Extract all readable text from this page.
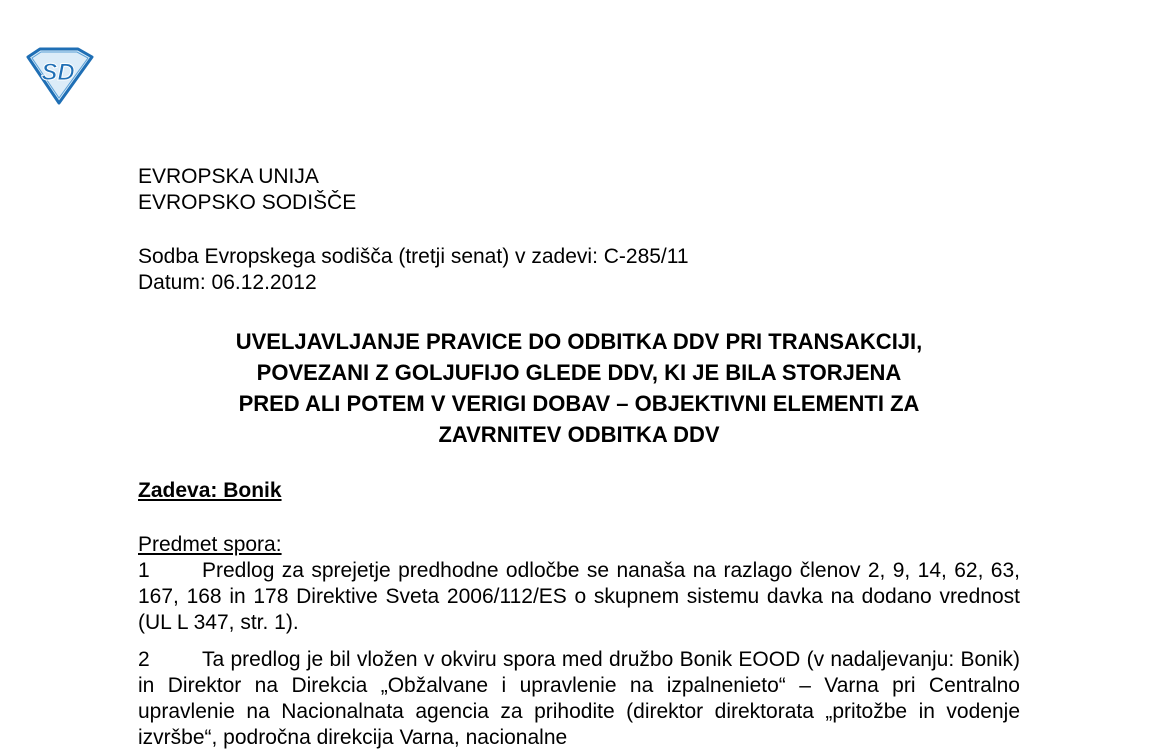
SD
EVROPSKA UNIJA
EVROPSKO SODIŠČE
Sodba Evropskega sodišča (tretji senat) v zadevi: C-285/11
Datum: 06.12.2012
UVELJAVLJANJE PRAVICE DO ODBITKA DDV PRI TRANSAKCIJI,
POVEZANI Z GOLJUFIJO GLEDE DDV, KI JE BILA STORJENA
PRED ALI POTEM V VERIGI DOBAV – OBJEKTIVNI ELEMENTI ZA
ZAVRNITEV ODBITKA DDV
Zadeva: Bonik
Predmet spora:
1 Predlog za sprejetje predhodne odločbe se nanaša na razlago členov 2, 9, 14, 62, 63, 167, 168 in 178 Direktive Sveta 2006/112/ES o skupnem sistemu davka na dodano vrednost (UL L 347, str. 1).
2 Ta predlog je bil vložen v okviru spora med družbo Bonik EOOD (v nadaljevanju: Bonik) in Direktor na Direkcia „Obžalvane i upravlenie na izpalnenieto“ – Varna pri Centralno upravlenie na Nacionalnata agencia za prihodite (direktor direktorata „pritožbe in vodenje izvršbe“, področna direkcija Varna, nacionalne
